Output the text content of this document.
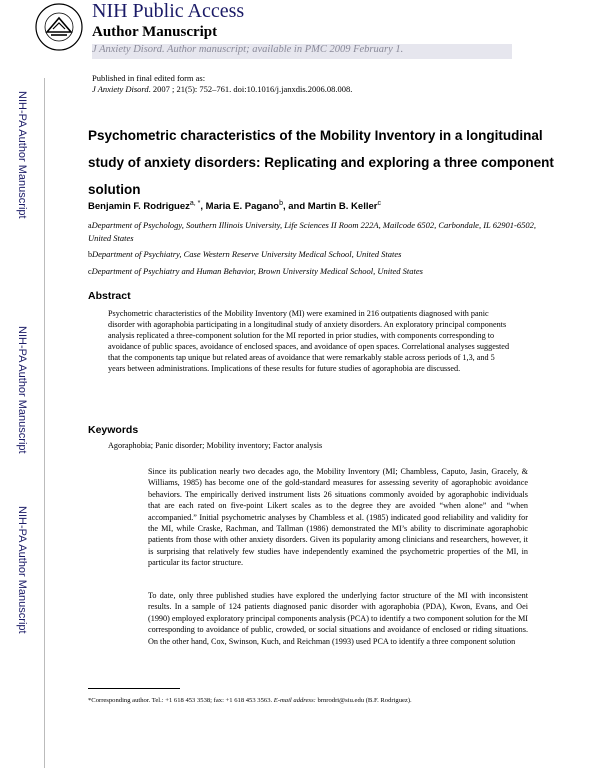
NIH Public Access
Author Manuscript
J Anxiety Disord. Author manuscript; available in PMC 2009 February 1.
Published in final edited form as:
J Anxiety Disord. 2007 ; 21(5): 752–761. doi:10.1016/j.janxdis.2006.08.008.
NIH-PA Author Manuscript
NIH-PA Author Manuscript
NIH-PA Author Manuscript
Psychometric characteristics of the Mobility Inventory in a longitudinal study of anxiety disorders: Replicating and exploring a three component solution
Benjamin F. Rodriguez$^{a, *}$, Maria E. Pagano$^b$, and Martin B. Keller$^c$
aDepartment of Psychology, Southern Illinois University, Life Sciences II Room 222A, Mailcode 6502, Carbondale, IL 62901-6502, United States
bDepartment of Psychiatry, Case Western Reserve University Medical School, United States
cDepartment of Psychiatry and Human Behavior, Brown University Medical School, United States
Abstract
Psychometric characteristics of the Mobility Inventory (MI) were examined in 216 outpatients diagnosed with panic disorder with agoraphobia participating in a longitudinal study of anxiety disorders. An exploratory principal components analysis replicated a three-component solution for the MI reported in prior studies, with components corresponding to avoidance of public spaces, avoidance of enclosed spaces, and avoidance of open spaces. Correlational analyses suggested that the components tap unique but related areas of avoidance that were remarkably stable across periods of 1,3, and 5 years between administrations. Implications of these results for future studies of agoraphobia are discussed.
Keywords
Agoraphobia; Panic disorder; Mobility inventory; Factor analysis
Since its publication nearly two decades ago, the Mobility Inventory (MI; Chambless, Caputo, Jasin, Gracely, & Williams, 1985) has become one of the gold-standard measures for assessing severity of agoraphobic avoidance behaviors. The empirically derived instrument lists 26 situations commonly avoided by agoraphobic individuals that are each rated on five-point Likert scales as to the degree they are avoided “when alone” and “when accompanied.” Initial psychometric analyses by Chambless et al. (1985) indicated good reliability and validity for the MI, while Craske, Rachman, and Tallman (1986) demonstrated the MI’s ability to discriminate agoraphobic patients from those with other anxiety disorders. Given its popularity among clinicians and researchers, however, it is surprising that relatively few studies have independently examined the psychometric properties of the MI, in particular its factor structure.
To date, only three published studies have explored the underlying factor structure of the MI with inconsistent results. In a sample of 124 patients diagnosed panic disorder with agoraphobia (PDA), Kwon, Evans, and Oei (1990) employed exploratory principal components analysis (PCA) to identify a two component solution for the MI corresponding to avoidance of public, crowded, or social situations and avoidance of enclosed or riding situations. On the other hand, Cox, Swinson, Kuch, and Reichman (1993) used PCA to identify a three component solution
*Corresponding author. Tel.: +1 618 453 3538; fax: +1 618 453 3563. E-mail address: brnrodri@siu.edu (B.F. Rodriguez).
